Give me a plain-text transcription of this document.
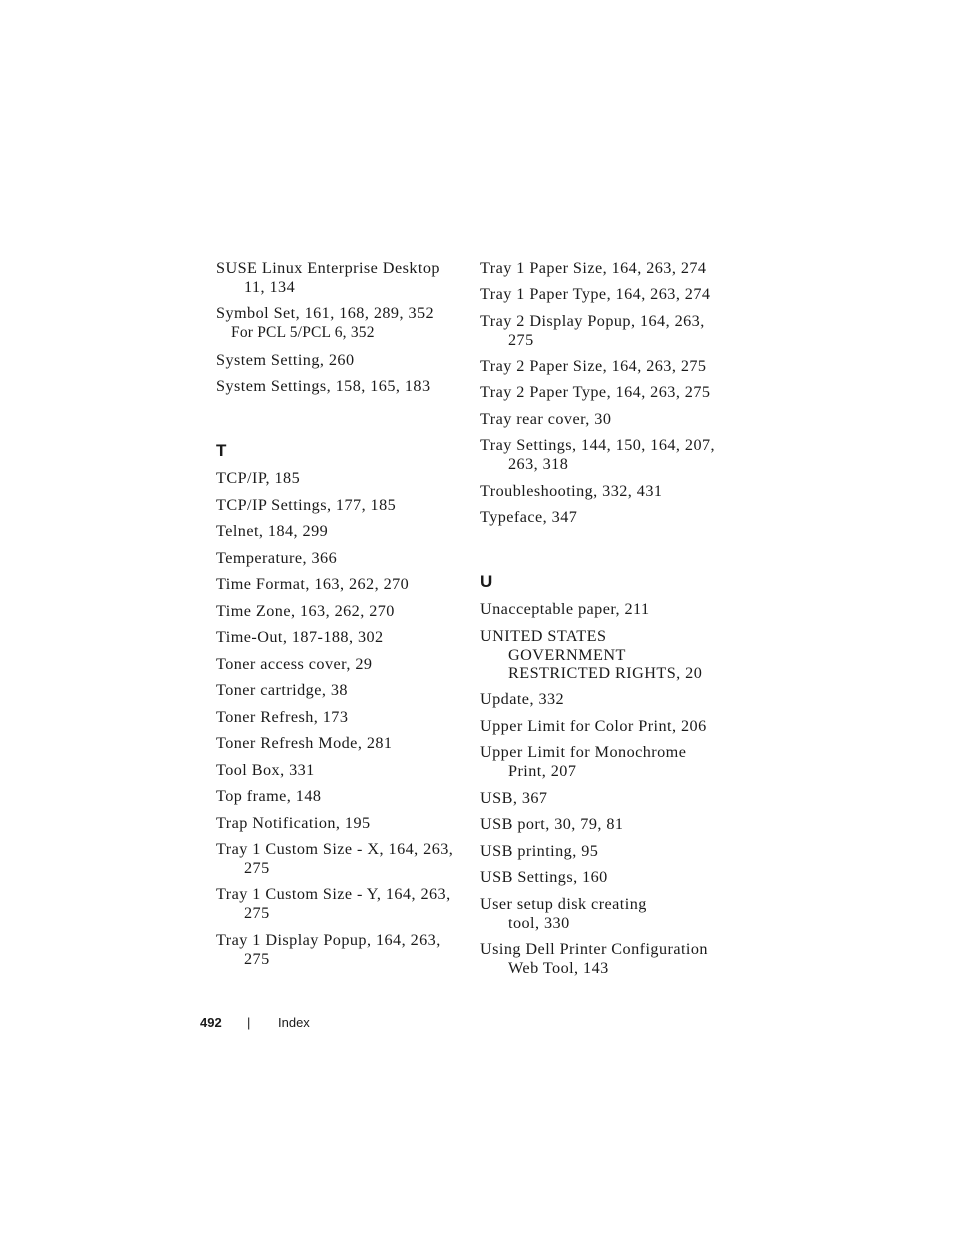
SUSE Linux Enterprise Desktop
11, 134
Symbol Set, 161, 168, 289, 352
For PCL 5/PCL 6, 352
System Setting, 260
System Settings, 158, 165, 183
T
TCP/IP, 185
TCP/IP Settings, 177, 185
Telnet, 184, 299
Temperature, 366
Time Format, 163, 262, 270
Time Zone, 163, 262, 270
Time-Out, 187-188, 302
Toner access cover, 29
Toner cartridge, 38
Toner Refresh, 173
Toner Refresh Mode, 281
Tool Box, 331
Top frame, 148
Trap Notification, 195
Tray 1 Custom Size - X, 164, 263,
275
Tray 1 Custom Size - Y, 164, 263,
275
Tray 1 Display Popup, 164, 263,
275
Tray 1 Paper Size, 164, 263, 274
Tray 1 Paper Type, 164, 263, 274
Tray 2 Display Popup, 164, 263,
275
Tray 2 Paper Size, 164, 263, 275
Tray 2 Paper Type, 164, 263, 275
Tray rear cover, 30
Tray Settings, 144, 150, 164, 207,
263, 318
Troubleshooting, 332, 431
Typeface, 347
U
Unacceptable paper, 211
UNITED STATES
GOVERNMENT
RESTRICTED RIGHTS, 20
Update, 332
Upper Limit for Color Print, 206
Upper Limit for Monochrome
Print, 207
USB, 367
USB port, 30, 79, 81
USB printing, 95
USB Settings, 160
User setup disk creating
tool, 330
Using Dell Printer Configuration
Web Tool, 143
492 | Index
